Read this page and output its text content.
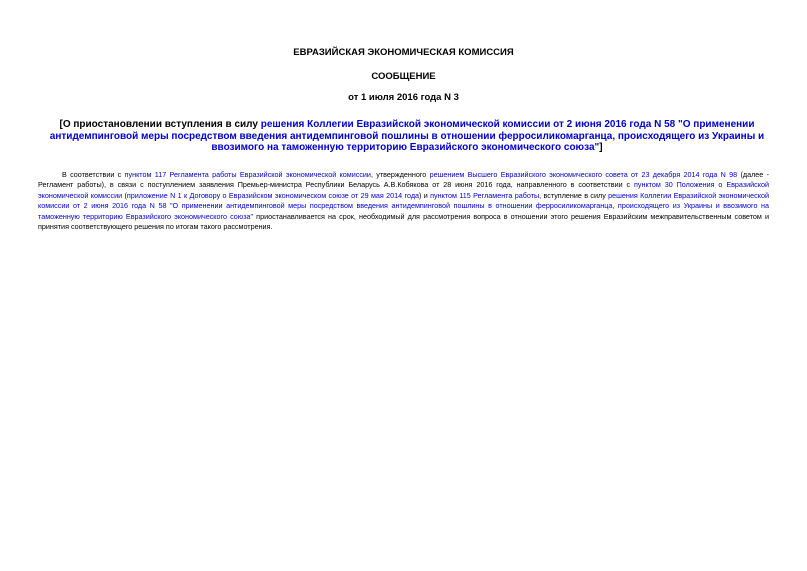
ЕВРАЗИЙСКАЯ ЭКОНОМИЧЕСКАЯ КОМИССИЯ
СООБЩЕНИЕ
от 1 июля 2016 года N 3
[О приостановлении вступления в силу решения Коллегии Евразийской экономической комиссии от 2 июня 2016 года N 58 "О применении антидемпинговой меры посредством введения антидемпинговой пошлины в отношении ферросиликомарганца, происходящего из Украины и ввозимого на таможенную территорию Евразийского экономического союза"]
В соответствии с пунктом 117 Регламента работы Евразийской экономической комиссии, утвержденного решением Высшего Евразийского экономического совета от 23 декабря 2014 года N 98 (далее - Регламент работы), в связи с поступлением заявления Премьер-министра Республики Беларусь А.В.Кобякова от 28 июня 2016 года, направленного в соответствии с пунктом 30 Положения о Евразийской экономической комиссии (приложение N 1 к Договору о Евразийском экономическом союзе от 29 мая 2014 года) и пунктом 115 Регламента работы, вступление в силу решения Коллегии Евразийской экономической комиссии от 2 июня 2016 года N 58 "О применении антидемпинговой меры посредством введения антидемпинговой пошлины в отношении ферросиликомарганца, происходящего из Украины и ввозимого на таможенную территорию Евразийского экономического союза" приостанавливается на срок, необходимый для рассмотрения вопроса в отношении этого решения Евразийским межправительственным советом и принятия соответствующего решения по итогам такого рассмотрения.
